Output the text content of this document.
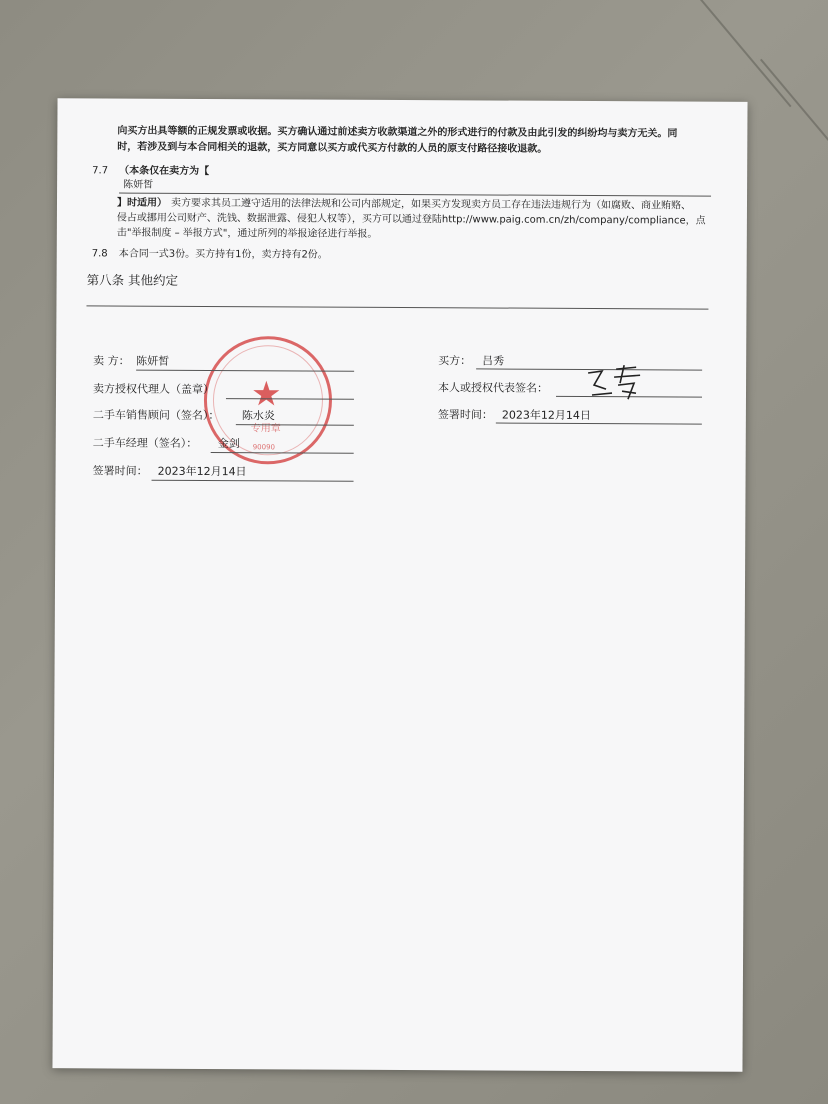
向买方出具等额的正规发票或收据。买方确认通过前述卖方收款渠道之外的形式进行的付款及由此引发的纠纷均与卖方无关。同
时，若涉及到与本合同相关的退款，买方同意以买方或代买方付款的人员的原支付路径接收退款。
7.7 （本条仅在卖方为【
陈妍皙
】时适用） 卖方要求其员工遵守适用的法律法规和公司内部规定，如果买方发现卖方员工存在违法违规行为（如腐败、商业贿赂、
侵占或挪用公司财产、洗钱、数据泄露、侵犯人权等），买方可以通过登陆http://www.paig.com.cn/zh/company/compliance，点
击"举报制度 – 举报方式"，通过所列的举报途径进行举报。
7.8 本合同一式3份。买方持有1份，卖方持有2份。
第八条 其他约定
★
专用章
90090
卖 方： 陈妍皙
卖方授权代理人（盖章）
二手车销售顾问（签名）： 陈水炎
二手车经理（签名）： 金剑
签署时间： 2023年12月14日
买方： 吕秀
本人或授权代表签名：
签署时间： 2023年12月14日
